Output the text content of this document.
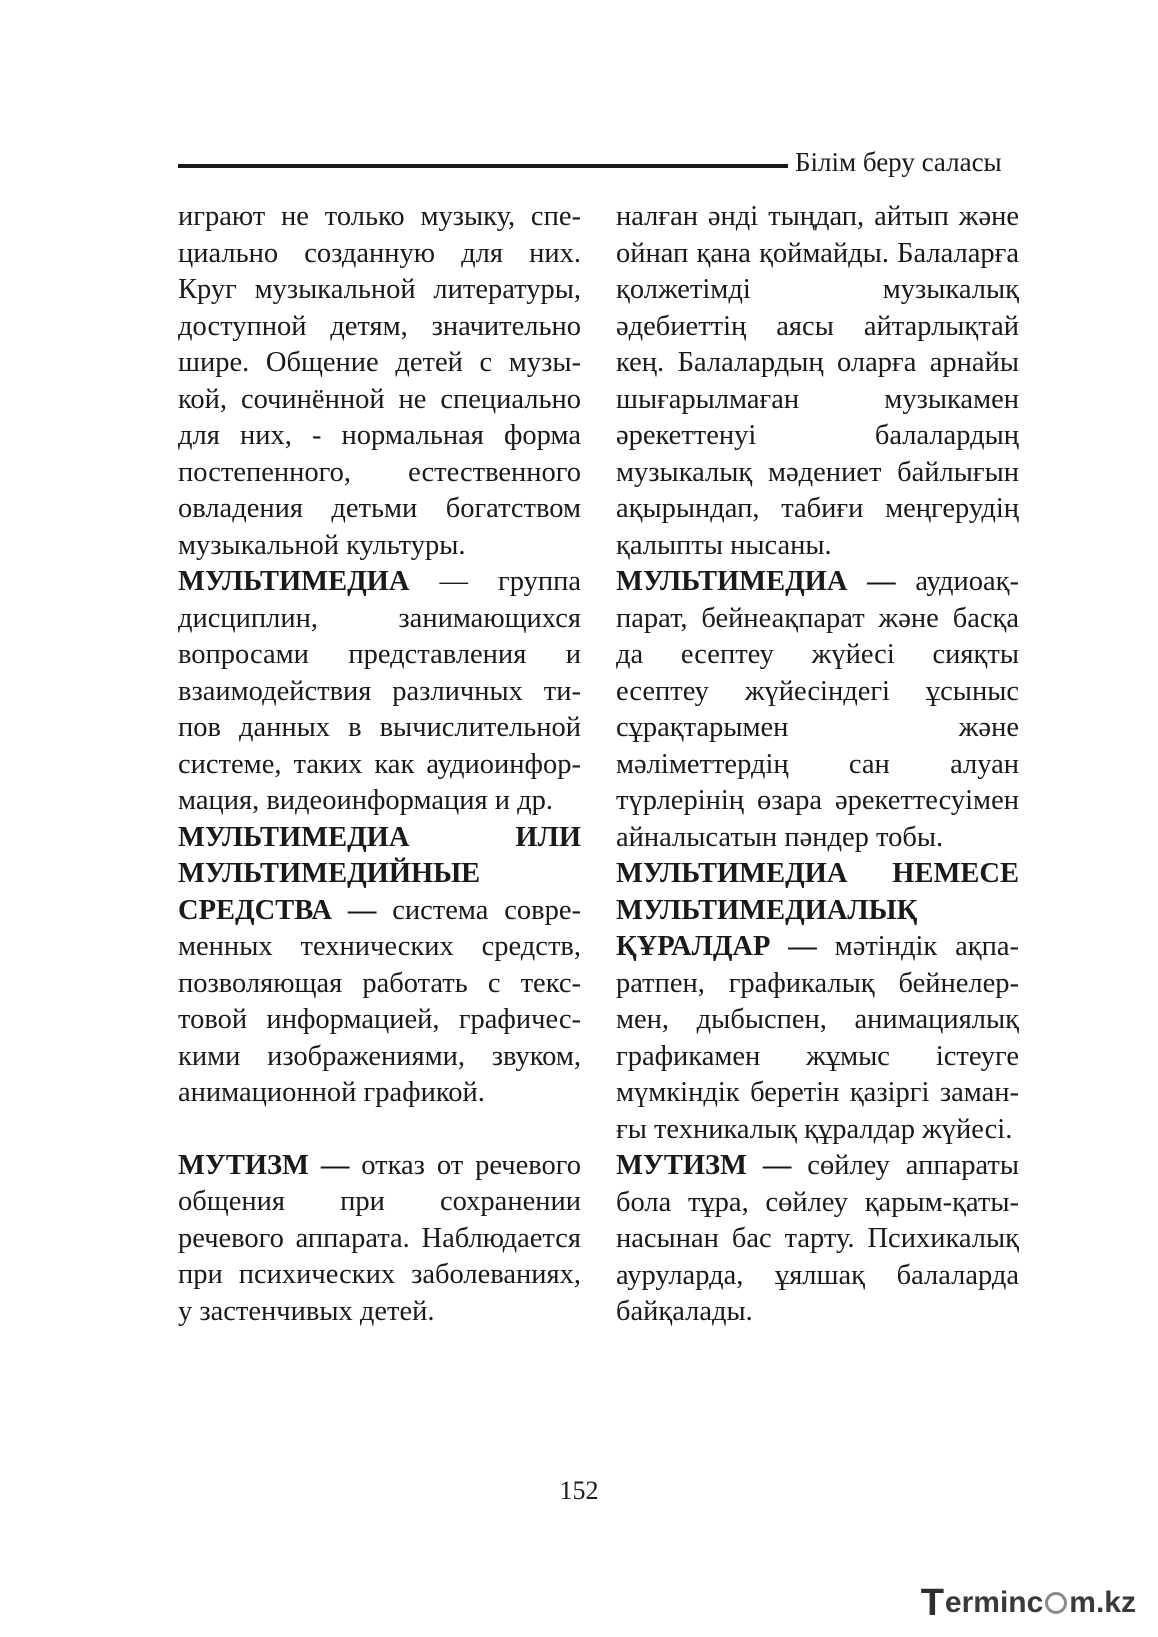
Білім беру саласы

играют не только музыку, специально созданную для них. Круг музыкальной литературы, доступной детям, значительно шире. Общение детей с музыкой, сочинённой не специально для них, - нормальная форма постепенного, естественного овладения детьми богатством музыкальной культуры.

МУЛЬТИМЕДИА — группа дисциплин, занимающихся вопросами представления и взаимодействия различных типов данных в вычислительной системе, таких как аудиоинформация, видеоинформация и др.

МУЛЬТИМЕДИА ИЛИ МУЛЬТИМЕДИЙНЫЕ СРЕДСТВА — система современных технических средств, позволяющая работать с текстовой информацией, графическими изображениями, звуком, анимационной графикой.

МУТИЗМ — отказ от речевого общения при сохранении речевого аппарата. Наблюдается при психических заболеваниях, у застенчивых детей.

налған әнді тыңдап, айтып және ойнап қана қоймайды. Балаларға қолжетімді музыкалық әдебиеттің аясы айтарлықтай кең. Балалардың оларға арнайы шығарылмаған музыкамен әрекеттенуі балалардың музыкалық мәдениет байлығын ақырындап, табиғи меңгерудің қалыпты нысаны.

МУЛЬТИМЕДИА — аудиоақпарат, бейнеақпарат және басқа да есептеу жүйесі сияқты есептеу жүйесіндегі ұсыныс сұрақтарымен және мәліметтердің сан алуан түрлерінің өзара әрекеттесуімен айналысатын пәндер тобы.

МУЛЬТИМЕДИА НЕМЕСЕ МУЛЬТИМЕДИАЛЫҚ ҚҰРАЛДАР — мәтіндік ақпаратпен, графикалық бейнелермен, дыбыспен, анимациялық графикамен жұмыс істеуге мүмкіндік беретін қазіргі заманғы техникалық құралдар жүйесі.

МУТИЗМ — сөйлеу аппараты бола тұра, сөйлеу қарым-қатынасынан бас тарту. Психикалық ауруларда, ұялшақ балаларда байқалады.

152
T erminc m.kz
